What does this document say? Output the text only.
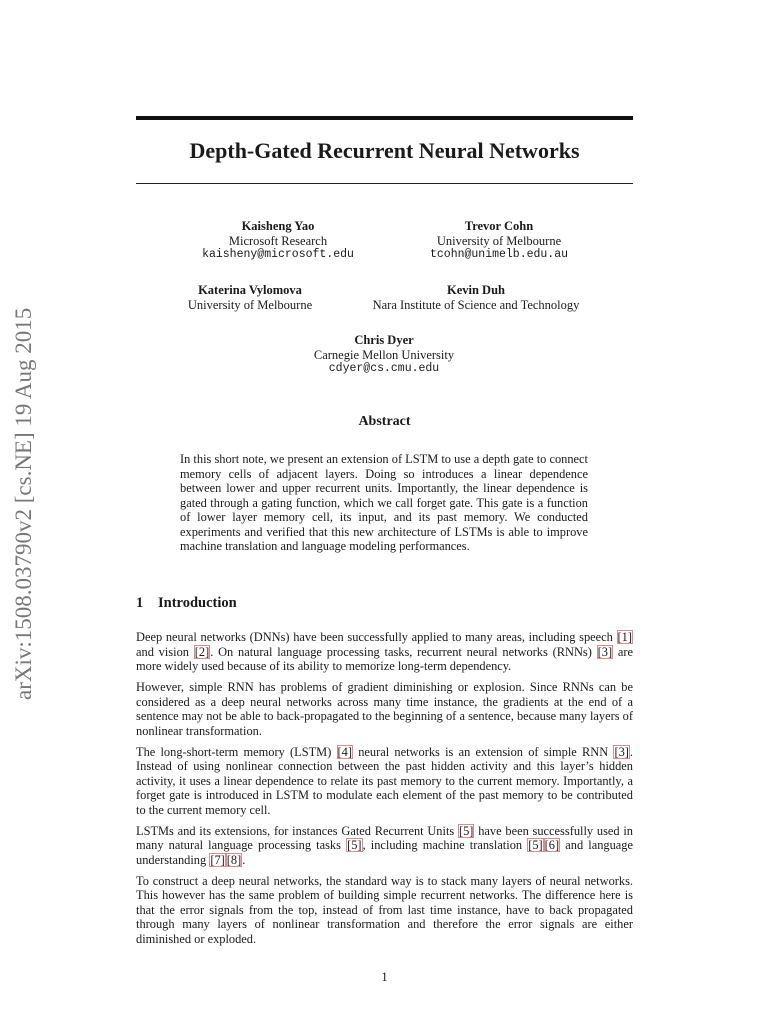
arXiv:1508.03790v2 [cs.NE] 19 Aug 2015
Depth-Gated Recurrent Neural Networks
Kaisheng Yao
Microsoft Research
kaisheny@microsoft.edu
Trevor Cohn
University of Melbourne
tcohn@unimelb.edu.au
Katerina Vylomova
University of Melbourne
Kevin Duh
Nara Institute of Science and Technology
Chris Dyer
Carnegie Mellon University
cdyer@cs.cmu.edu
Abstract
In this short note, we present an extension of LSTM to use a depth gate to connect memory cells of adjacent layers. Doing so introduces a linear dependence between lower and upper recurrent units. Importantly, the linear dependence is gated through a gating function, which we call forget gate. This gate is a function of lower layer memory cell, its input, and its past memory. We conducted experiments and verified that this new architecture of LSTMs is able to improve machine translation and language modeling performances.
1 Introduction

Deep neural networks (DNNs) have been successfully applied to many areas, including speech [1] and vision [2]. On natural language processing tasks, recurrent neural networks (RNNs) [3] are more widely used because of its ability to memorize long-term dependency.

However, simple RNN has problems of gradient diminishing or explosion. Since RNNs can be considered as a deep neural networks across many time instance, the gradients at the end of a sentence may not be able to back-propagated to the beginning of a sentence, because many layers of nonlinear transformation.

The long-short-term memory (LSTM) [4] neural networks is an extension of simple RNN [3]. Instead of using nonlinear connection between the past hidden activity and this layer’s hidden activity, it uses a linear dependence to relate its past memory to the current memory. Importantly, a forget gate is introduced in LSTM to modulate each element of the past memory to be contributed to the current memory cell.

LSTMs and its extensions, for instances Gated Recurrent Units [5] have been successfully used in many natural language processing tasks [5], including machine translation [5] [6] and language understanding [7] [8].

To construct a deep neural networks, the standard way is to stack many layers of neural networks. This however has the same problem of building simple recurrent networks. The difference here is that the error signals from the top, instead of from last time instance, have to back propagated through many layers of nonlinear transformation and therefore the error signals are either diminished or exploded.

1
